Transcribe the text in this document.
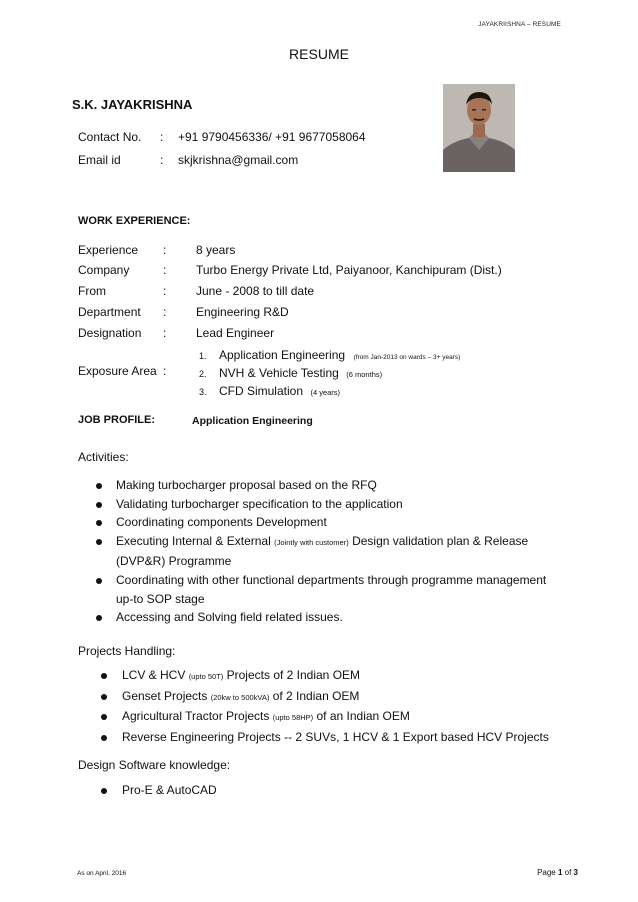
JAYAKRIISHNA – RESUME
RESUME
S.K. JAYAKRISHNA
Contact No. : +91 9790456336/ +91 9677058064
Email id	: skjkrishna@gmail.com
WORK EXPERIENCE:
Experience : 8 years
Company	: Turbo Energy Private Ltd, Paiyanoor, Kanchipuram (Dist.)
From	: June - 2008 to till date
Department : Engineering R&D
Designation : Lead Engineer
Exposure Area :
1. Application Engineering (from Jan-2013 on wards – 3+ years)
2. NVH & Vehicle Testing (6 months)
3. CFD Simulation (4 years)
JOB PROFILE:	Application Engineering
Activities:
Making turbocharger proposal based on the RFQ
Validating turbocharger specification to the application
Coordinating components Development
Executing Internal & External (Jointly with customer) Design validation plan & Release
(DVP&R) Programme
Coordinating with other functional departments through programme management
up-to SOP stage
Accessing and Solving field related issues.
Projects Handling:
LCV & HCV (upto 50T) Projects of 2 Indian OEM
Genset Projects (20kw to 500kVA) of 2 Indian OEM
Agricultural Tractor Projects (upto 58HP) of an Indian OEM
Reverse Engineering Projects -- 2 SUVs, 1 HCV & 1 Export based HCV Projects
Design Software knowledge:
Pro-E & AutoCAD
As on April, 2016	Page 1 of 3
